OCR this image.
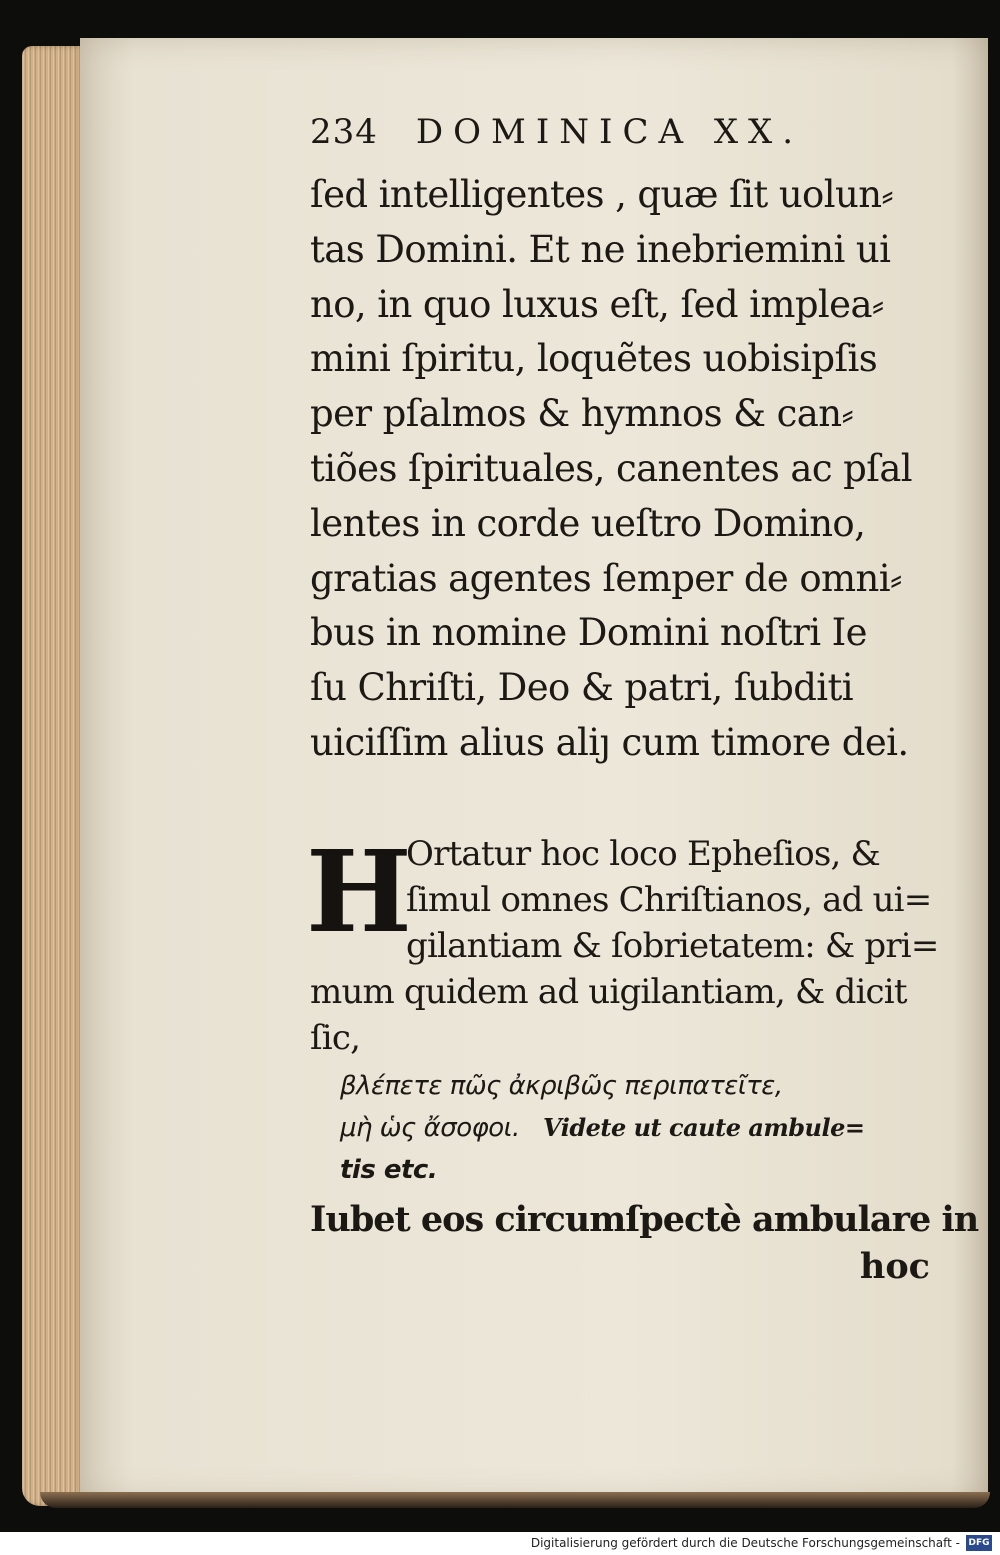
234 DOMINICA XX.
ſed intelligentes , quæ ſit uolun⸗
tas Domini. Et ne inebriemini ui
no, in quo luxus eſt, ſed implea⸗
mini ſpiritu, loquẽtes uobisipſis
per pſalmos & hymnos & can⸗
tiões ſpirituales, canentes ac pſal
lentes in corde ueſtro Domino,
gratias agentes ſemper de omni⸗
bus in nomine Domini noſtri Ie
ſu Chriſti, Deo & patri, ſubditi
uiciſſim alius aliȷ cum timore dei.
H
Ortatur hoc loco Epheſios, &
ſimul omnes Chriſtianos, ad ui=
gilantiam & ſobrietatem: & pri=
mum quidem ad uigilantiam, & dicit
ſic,
βλέπετε πῶς ἀκριβῶς περιπατεῖτε,
μὴ ὡς ἄσοφοι. Videte ut caute ambule=
tis etc.
Iubet eos circumſpectè ambulare in
hoc
Digitalisierung gefördert durch die Deutsche Forschungsgemeinschaft - DFG
